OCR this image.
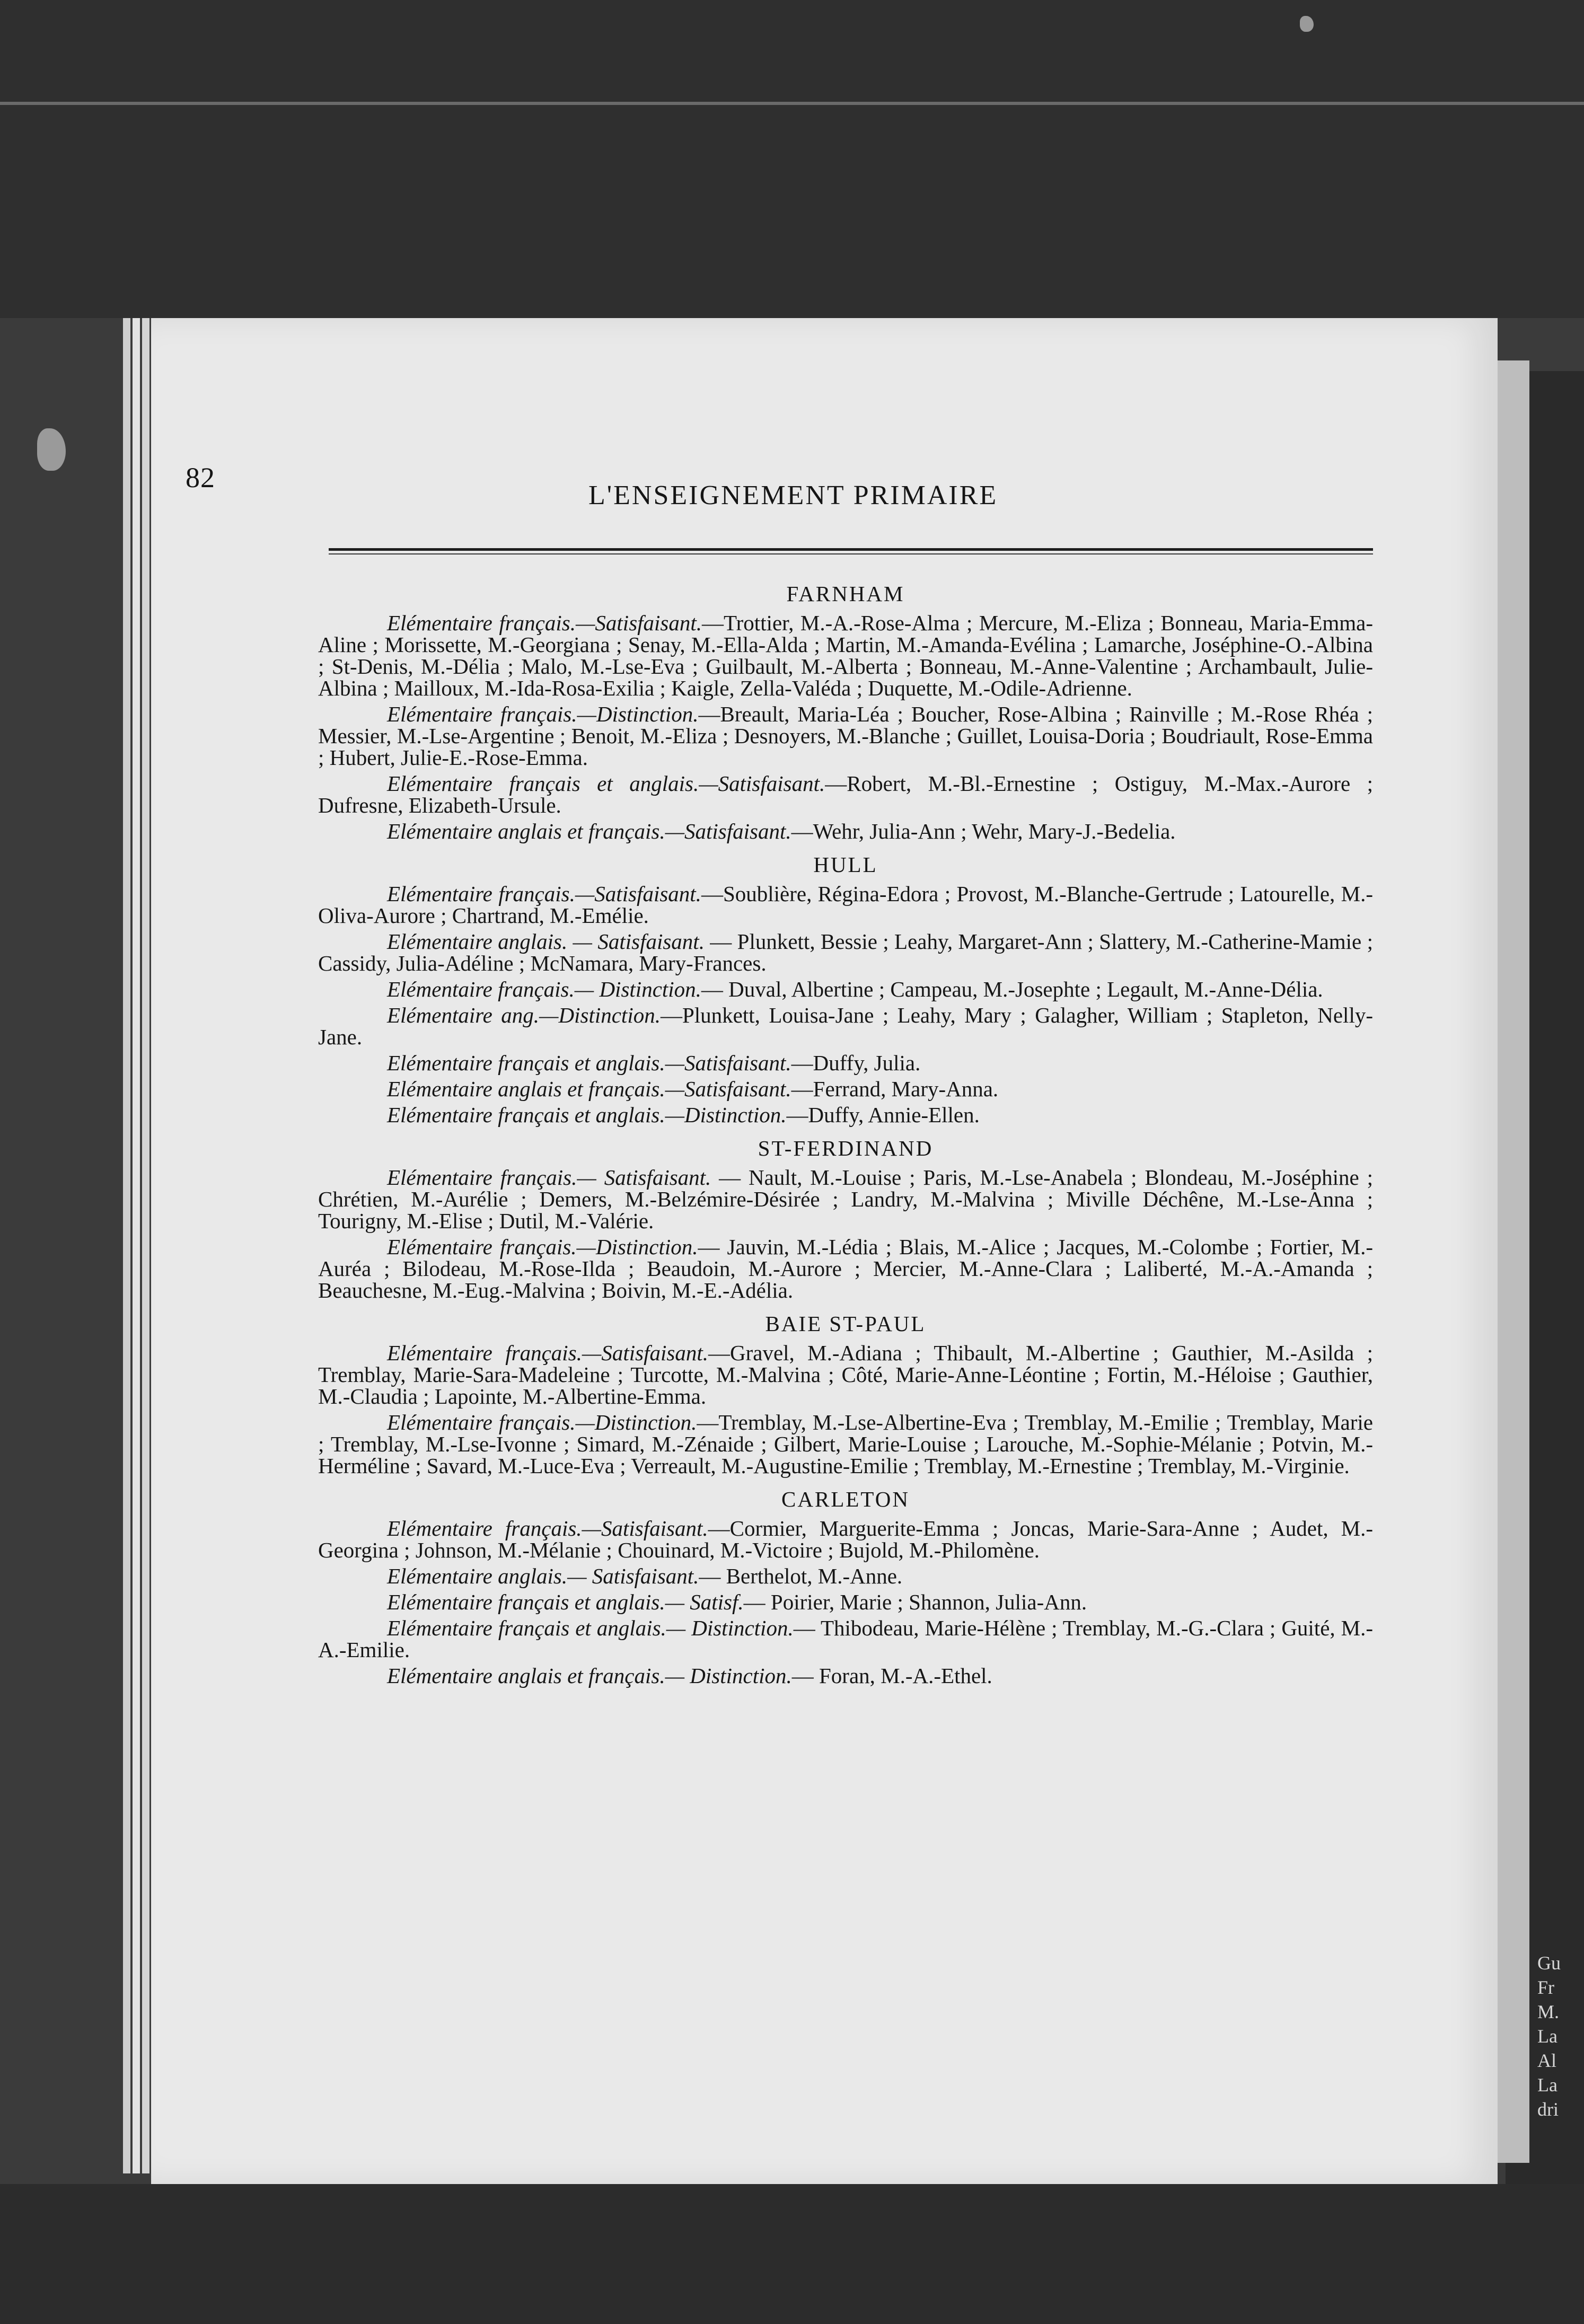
Gu
Fr
M.
La
Al
La
dri
82
L'ENSEIGNEMENT PRIMAIRE
FARNHAM

Elémentaire français.—Satisfaisant.—Trottier, M.-A.-Rose-Alma ; Mercure, M.-Eliza ; Bonneau, Maria-Emma-Aline ; Morissette, M.-Georgiana ; Senay, M.-Ella-Alda ; Martin, M.-Amanda-Evélina ; Lamarche, Joséphine-O.-Albina ; St-Denis, M.-Délia ; Malo, M.-Lse-Eva ; Guilbault, M.-Alberta ; Bonneau, M.-Anne-Valentine ; Archambault, Julie-Albina ; Mailloux, M.-Ida-Rosa-Exilia ; Kaigle, Zella-Valéda ; Duquette, M.-Odile-Adrienne.

Elémentaire français.—Distinction.—Breault, Maria-Léa ; Boucher, Rose-Albina ; Rainville ; M.-Rose Rhéa ; Messier, M.-Lse-Argentine ; Benoit, M.-Eliza ; Desnoyers, M.-Blanche ; Guillet, Louisa-Doria ; Boudriault, Rose-Emma ; Hubert, Julie-E.-Rose-Emma.

Elémentaire français et anglais.—Satisfaisant.—Robert, M.-Bl.-Ernestine ; Ostiguy, M.-Max.-Aurore ; Dufresne, Elizabeth-Ursule.

Elémentaire anglais et français.—Satisfaisant.—Wehr, Julia-Ann ; Wehr, Mary-J.-Bedelia.

HULL

Elémentaire français.—Satisfaisant.—Soublière, Régina-Edora ; Provost, M.-Blanche-Gertrude ; Latourelle, M.-Oliva-Aurore ; Chartrand, M.-Emélie.

Elémentaire anglais. — Satisfaisant. — Plunkett, Bessie ; Leahy, Margaret-Ann ; Slattery, M.-Catherine-Mamie ; Cassidy, Julia-Adéline ; McNamara, Mary-Frances.

Elémentaire français.— Distinction.— Duval, Albertine ; Campeau, M.-Josephte ; Legault, M.-Anne-Délia.

Elémentaire ang.—Distinction.—Plunkett, Louisa-Jane ; Leahy, Mary ; Galagher, William ; Stapleton, Nelly-Jane.

Elémentaire français et anglais.—Satisfaisant.—Duffy, Julia.

Elémentaire anglais et français.—Satisfaisant.—Ferrand, Mary-Anna.

Elémentaire français et anglais.—Distinction.—Duffy, Annie-Ellen.

ST-FERDINAND

Elémentaire français.— Satisfaisant. — Nault, M.-Louise ; Paris, M.-Lse-Anabela ; Blondeau, M.-Joséphine ; Chrétien, M.-Aurélie ; Demers, M.-Belzémire-Désirée ; Landry, M.-Malvina ; Miville Déchêne, M.-Lse-Anna ; Tourigny, M.-Elise ; Dutil, M.-Valérie.

Elémentaire français.—Distinction.— Jauvin, M.-Lédia ; Blais, M.-Alice ; Jacques, M.-Colombe ; Fortier, M.-Auréa ; Bilodeau, M.-Rose-Ilda ; Beaudoin, M.-Aurore ; Mercier, M.-Anne-Clara ; Laliberté, M.-A.-Amanda ; Beauchesne, M.-Eug.-Malvina ; Boivin, M.-E.-Adélia.

BAIE ST-PAUL

Elémentaire français.—Satisfaisant.—Gravel, M.-Adiana ; Thibault, M.-Albertine ; Gauthier, M.-Asilda ; Tremblay, Marie-Sara-Madeleine ; Turcotte, M.-Malvina ; Côté, Marie-Anne-Léontine ; Fortin, M.-Héloise ; Gauthier, M.-Claudia ; Lapointe, M.-Albertine-Emma.

Elémentaire français.—Distinction.—Tremblay, M.-Lse-Albertine-Eva ; Tremblay, M.-Emilie ; Tremblay, Marie ; Tremblay, M.-Lse-Ivonne ; Simard, M.-Zénaide ; Gilbert, Marie-Louise ; Larouche, M.-Sophie-Mélanie ; Potvin, M.-Herméline ; Savard, M.-Luce-Eva ; Verreault, M.-Augustine-Emilie ; Tremblay, M.-Ernestine ; Tremblay, M.-Virginie.

CARLETON

Elémentaire français.—Satisfaisant.—Cormier, Marguerite-Emma ; Joncas, Marie-Sara-Anne ; Audet, M.-Georgina ; Johnson, M.-Mélanie ; Chouinard, M.-Victoire ; Bujold, M.-Philomène.

Elémentaire anglais.— Satisfaisant.— Berthelot, M.-Anne.

Elémentaire français et anglais.— Satisf.— Poirier, Marie ; Shannon, Julia-Ann.

Elémentaire français et anglais.— Distinction.— Thibodeau, Marie-Hélène ; Tremblay, M.-G.-Clara ; Guité, M.-A.-Emilie.

Elémentaire anglais et français.— Distinction.— Foran, M.-A.-Ethel.
